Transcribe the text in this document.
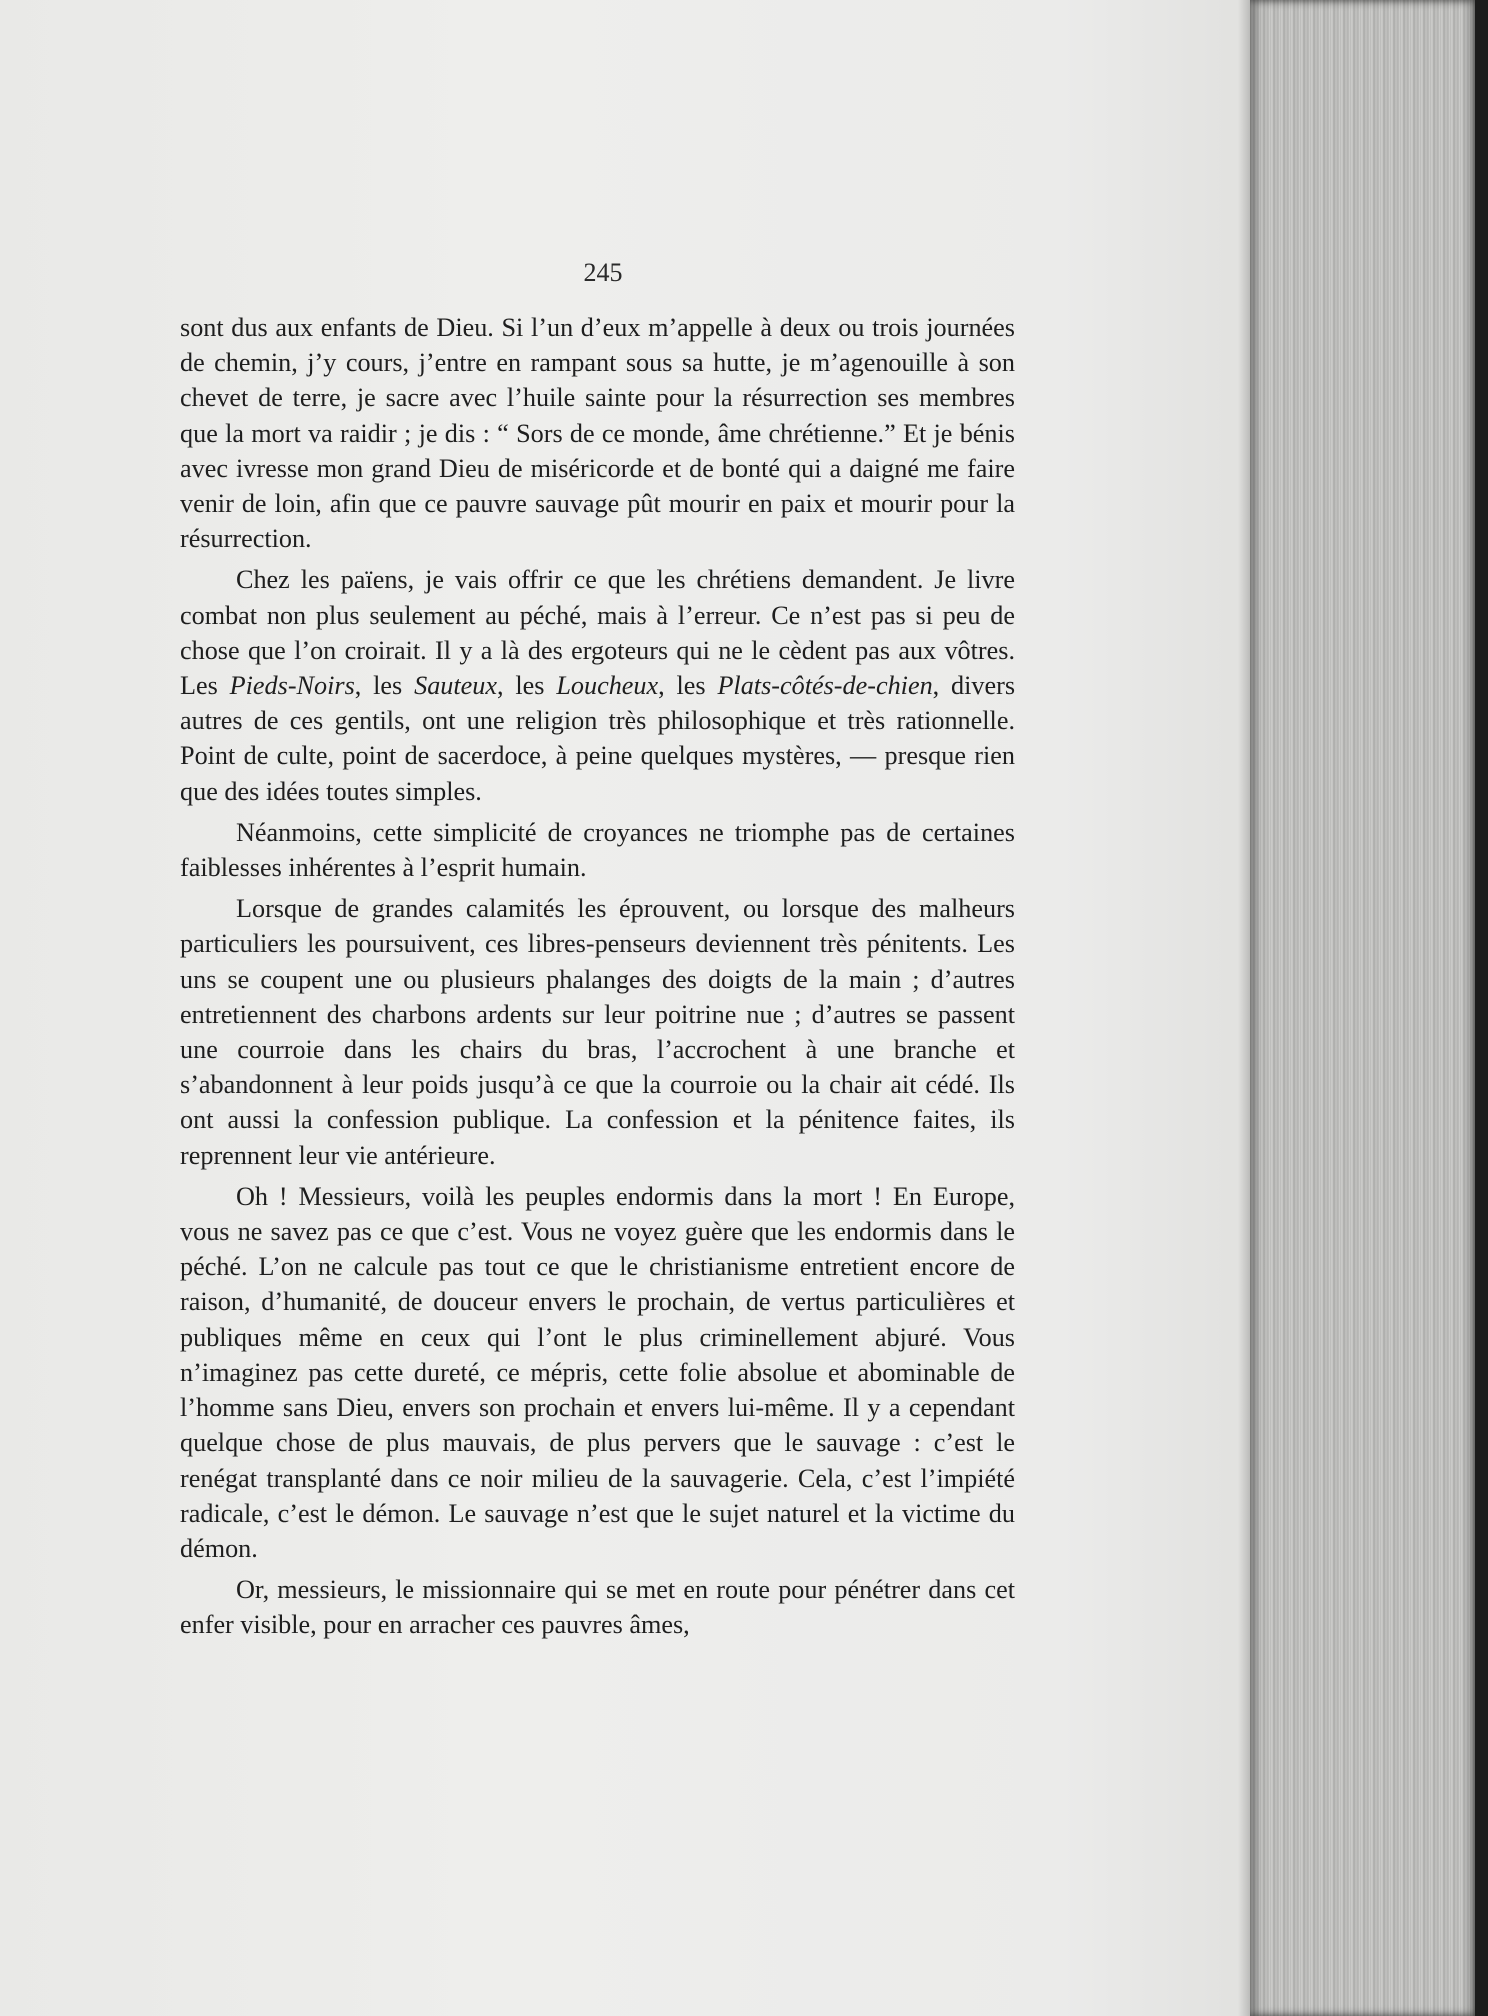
245

sont dus aux enfants de Dieu. Si l’un d’eux m’appelle à deux ou trois journées de chemin, j’y cours, j’entre en rampant sous sa hutte, je m’agenouille à son chevet de terre, je sacre avec l’huile sainte pour la résurrection ses membres que la mort va raidir ; je dis : “ Sors de ce monde, âme chrétienne.” Et je bénis avec ivresse mon grand Dieu de miséricorde et de bonté qui a daigné me faire venir de loin, afin que ce pauvre sauvage pût mourir en paix et mourir pour la résurrection.

Chez les païens, je vais offrir ce que les chrétiens demandent. Je livre combat non plus seulement au péché, mais à l’erreur. Ce n’est pas si peu de chose que l’on croirait. Il y a là des ergoteurs qui ne le cèdent pas aux vôtres. Les Pieds-Noirs, les Sauteux, les Loucheux, les Plats-côtés-de-chien, divers autres de ces gentils, ont une religion très philosophique et très rationnelle. Point de culte, point de sacerdoce, à peine quelques mystères, — presque rien que des idées toutes simples.

Néanmoins, cette simplicité de croyances ne triomphe pas de certaines faiblesses inhérentes à l’esprit humain.

Lorsque de grandes calamités les éprouvent, ou lorsque des malheurs particuliers les poursuivent, ces libres-penseurs deviennent très pénitents. Les uns se coupent une ou plusieurs phalanges des doigts de la main ; d’autres entretiennent des charbons ardents sur leur poitrine nue ; d’autres se passent une courroie dans les chairs du bras, l’accrochent à une branche et s’abandonnent à leur poids jusqu’à ce que la courroie ou la chair ait cédé. Ils ont aussi la confession publique. La confession et la pénitence faites, ils reprennent leur vie antérieure.

Oh ! Messieurs, voilà les peuples endormis dans la mort ! En Europe, vous ne savez pas ce que c’est. Vous ne voyez guère que les endormis dans le péché. L’on ne calcule pas tout ce que le christianisme entretient encore de raison, d’humanité, de douceur envers le prochain, de vertus particulières et publiques même en ceux qui l’ont le plus criminellement abjuré. Vous n’imaginez pas cette dureté, ce mépris, cette folie absolue et abominable de l’homme sans Dieu, envers son prochain et envers lui-même. Il y a cependant quelque chose de plus mauvais, de plus pervers que le sauvage : c’est le renégat transplanté dans ce noir milieu de la sauvagerie. Cela, c’est l’impiété radicale, c’est le démon. Le sauvage n’est que le sujet naturel et la victime du démon.

Or, messieurs, le missionnaire qui se met en route pour pénétrer dans cet enfer visible, pour en arracher ces pauvres âmes,
